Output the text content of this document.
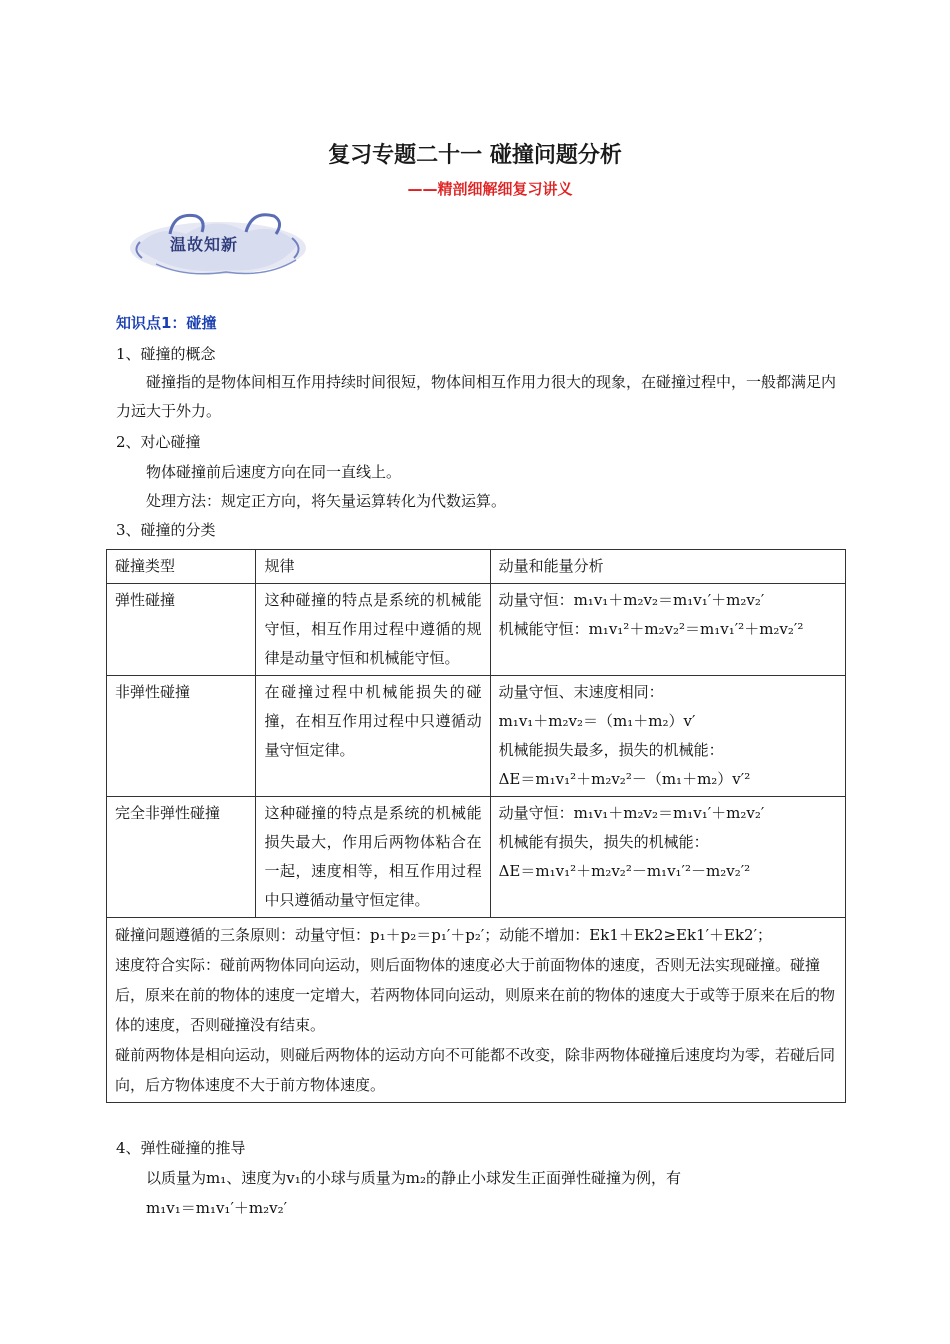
复习专题二十一 碰撞问题分析
——精剖细解细复习讲义
温故知新
知识点1：碰撞
1、碰撞的概念
碰撞指的是物体间相互作用持续时间很短，物体间相互作用力很大的现象，在碰撞过程中，一般都满足内力远大于外力。
2、对心碰撞
物体碰撞前后速度方向在同一直线上。
处理方法：规定正方向，将矢量运算转化为代数运算。
3、碰撞的分类
碰撞类型	规律	动量和能量分析
弹性碰撞	这种碰撞的特点是系统的机械能守恒，相互作用过程中遵循的规律是动量守恒和机械能守恒。	动量守恒：m₁v₁＋m₂v₂＝m₁v₁′＋m₂v₂′
机械能守恒：m₁v₁²＋m₂v₂²＝m₁v₁′²＋m₂v₂′²

非弹性碰撞	在碰撞过程中机械能损失的碰撞，在相互作用过程中只遵循动量守恒定律。	动量守恒、末速度相同：
m₁v₁＋m₂v₂＝（m₁＋m₂）v′
机械能损失最多，损失的机械能：
ΔE＝m₁v₁²＋m₂v₂²－（m₁＋m₂）v′²

完全非弹性碰撞	这种碰撞的特点是系统的机械能损失最大，作用后两物体粘合在一起，速度相等，相互作用过程中只遵循动量守恒定律。	动量守恒：m₁v₁＋m₂v₂＝m₁v₁′＋m₂v₂′
机械能有损失，损失的机械能：
ΔE＝m₁v₁²＋m₂v₂²－m₁v₁′²－m₂v₂′²

碰撞问题遵循的三条原则：动量守恒：p₁＋p₂＝p₁′＋p₂′；动能不增加：Ek1＋Ek2≥Ek1′＋Ek2′；
速度符合实际：碰前两物体同向运动，则后面物体的速度必大于前面物体的速度，否则无法实现碰撞。碰撞后，原来在前的物体的速度一定增大，若两物体同向运动，则原来在前的物体的速度大于或等于原来在后的物体的速度，否则碰撞没有结束。
碰前两物体是相向运动，则碰后两物体的运动方向不可能都不改变，除非两物体碰撞后速度均为零，若碰后同向，后方物体速度不大于前方物体速度。		
4、弹性碰撞的推导
以质量为m₁、速度为v₁的小球与质量为m₂的静止小球发生正面弹性碰撞为例，有
m₁v₁＝m₁v₁′＋m₂v₂′
